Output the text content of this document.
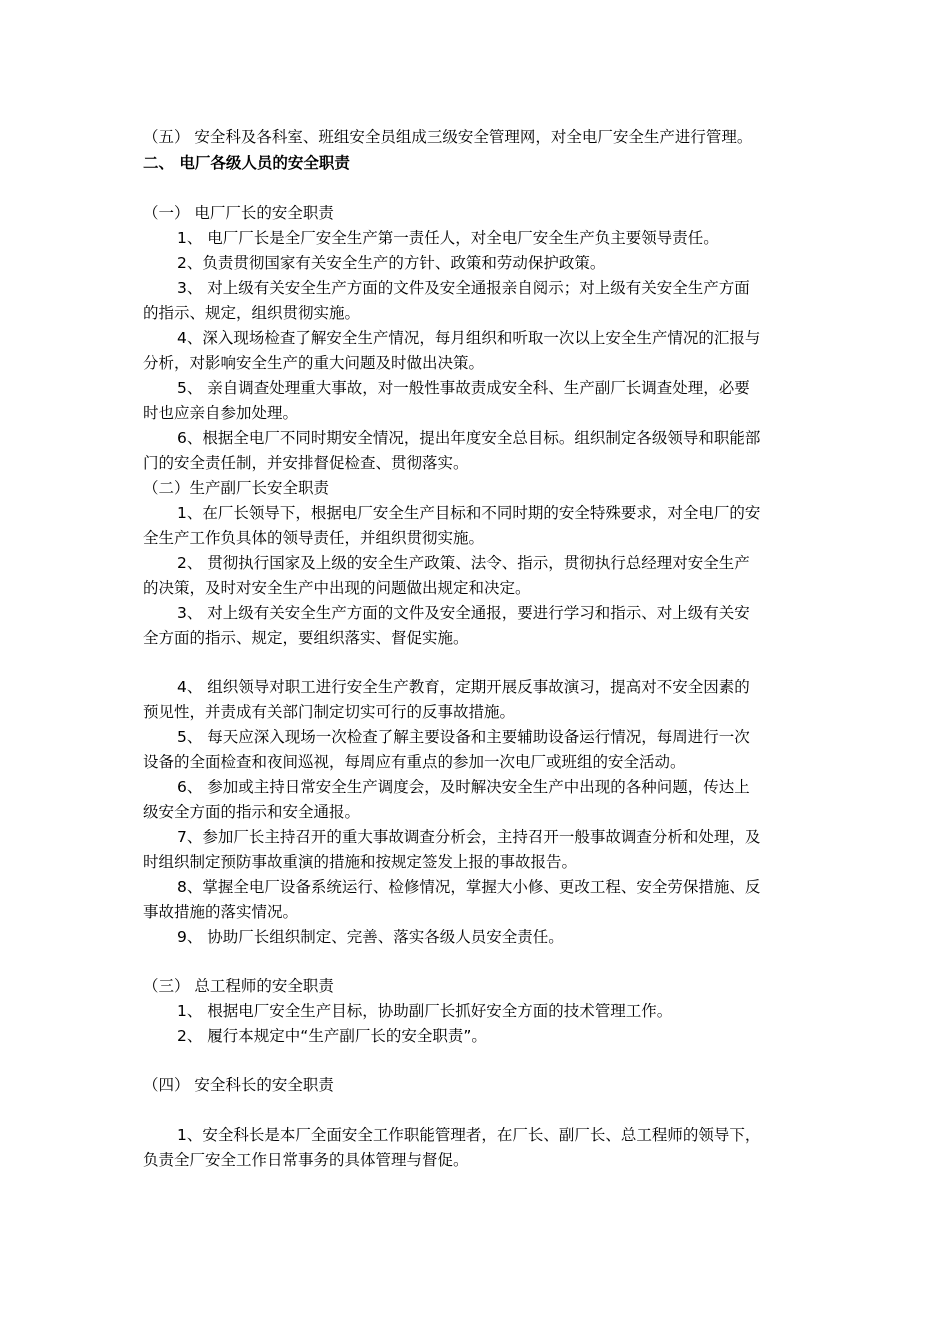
（五） 安全科及各科室、班组安全员组成三级安全管理网，对全电厂安全生产进行管理。
二、 电厂各级人员的安全职责
（一） 电厂厂长的安全职责
1、 电厂厂长是全厂安全生产第一责任人，对全电厂安全生产负主要领导责任。
2、负责贯彻国家有关安全生产的方针、政策和劳动保护政策。
3、 对上级有关安全生产方面的文件及安全通报亲自阅示；对上级有关安全生产方面
的指示、规定，组织贯彻实施。
4、深入现场检查了解安全生产情况，每月组织和听取一次以上安全生产情况的汇报与
分析，对影响安全生产的重大问题及时做出决策。
5、 亲自调查处理重大事故，对一般性事故责成安全科、生产副厂长调查处理，必要
时也应亲自参加处理。
6、根据全电厂不同时期安全情况，提出年度安全总目标。组织制定各级领导和职能部
门的安全责任制，并安排督促检查、贯彻落实。
（二）生产副厂长安全职责
1、在厂长领导下，根据电厂安全生产目标和不同时期的安全特殊要求，对全电厂的安
全生产工作负具体的领导责任，并组织贯彻实施。
2、 贯彻执行国家及上级的安全生产政策、法令、指示，贯彻执行总经理对安全生产
的决策，及时对安全生产中出现的问题做出规定和决定。
3、 对上级有关安全生产方面的文件及安全通报，要进行学习和指示、对上级有关安
全方面的指示、规定，要组织落实、督促实施。
4、 组织领导对职工进行安全生产教育，定期开展反事故演习，提高对不安全因素的
预见性，并责成有关部门制定切实可行的反事故措施。
5、 每天应深入现场一次检查了解主要设备和主要辅助设备运行情况，每周进行一次
设备的全面检查和夜间巡视，每周应有重点的参加一次电厂或班组的安全活动。
6、 参加或主持日常安全生产调度会，及时解决安全生产中出现的各种问题，传达上
级安全方面的指示和安全通报。
7、参加厂长主持召开的重大事故调查分析会，主持召开一般事故调查分析和处理，及
时组织制定预防事故重演的措施和按规定签发上报的事故报告。
8、掌握全电厂设备系统运行、检修情况，掌握大小修、更改工程、安全劳保措施、反
事故措施的落实情况。
9、 协助厂长组织制定、完善、落实各级人员安全责任。
（三） 总工程师的安全职责
1、 根据电厂安全生产目标，协助副厂长抓好安全方面的技术管理工作。
2、 履行本规定中“生产副厂长的安全职责”。
（四） 安全科长的安全职责
1、安全科长是本厂全面安全工作职能管理者，在厂长、副厂长、总工程师的领导下，
负责全厂安全工作日常事务的具体管理与督促。
